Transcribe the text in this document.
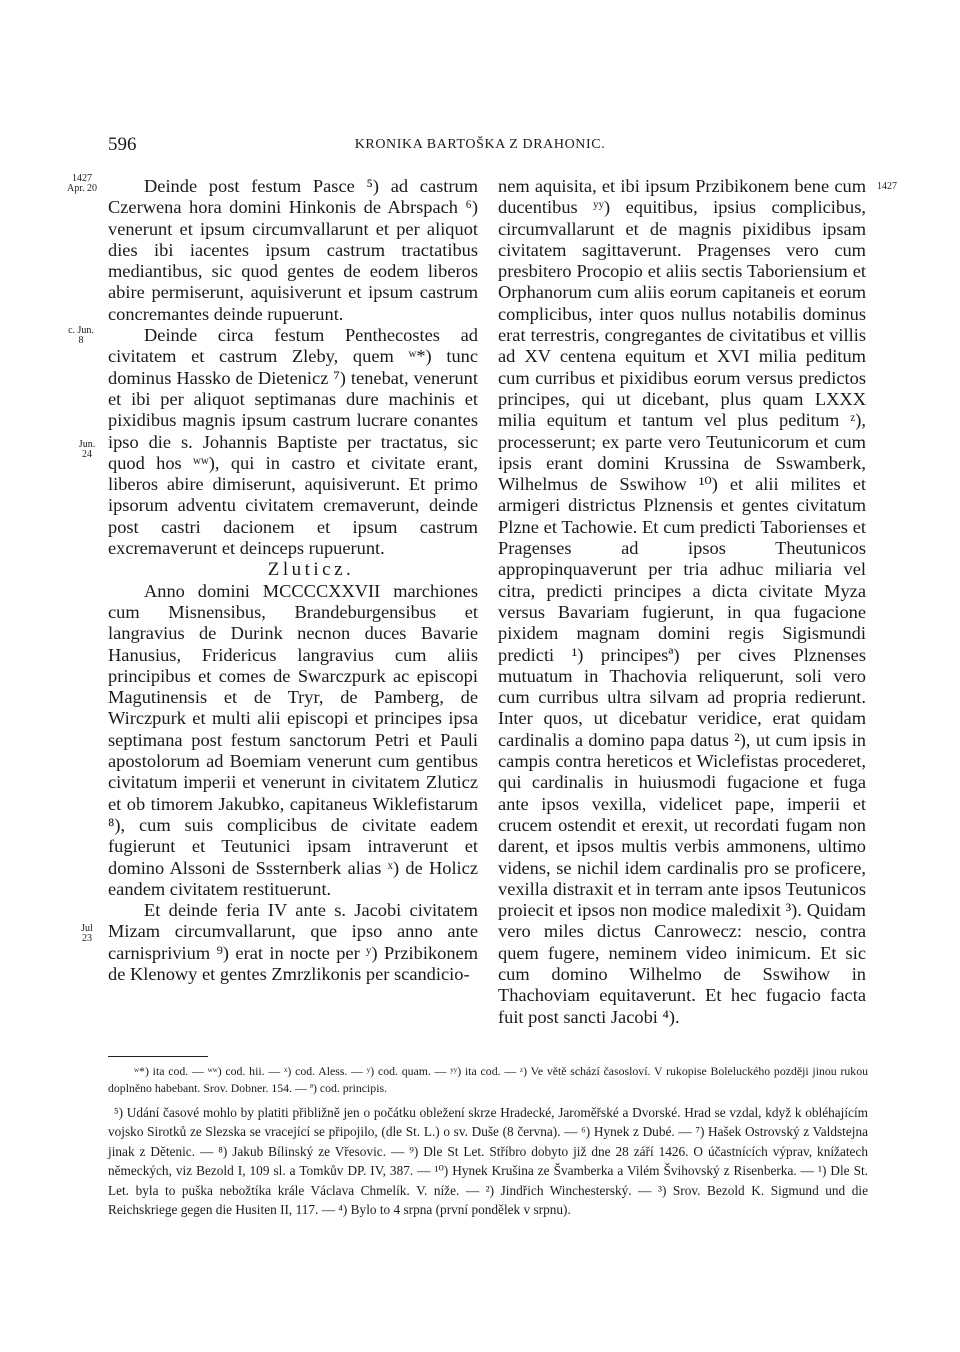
596	KRONIKA BARTOŠKA Z DRAHONIC.
1427
Apr. 20
c. Jun.
8
Jun.
24
Jul
23
1427

Deinde post festum Pasce ⁵) ad castrum Czerwena hora domini Hinkonis de Abrspach ⁶) venerunt et ipsum circumvallarunt et per aliquot dies ibi iacentes ipsum castrum tractatibus mediantibus, sic quod gentes de eodem liberos abire permiserunt, aquisiverunt et ipsum castrum concremantes deinde rupuerunt.

Deinde circa festum Penthecostes ad civitatem et castrum Zleby, quem ʷ*) tunc dominus Hassko de Dietenicz ⁷) tenebat, venerunt et ibi per aliquot septimanas dure machinis et pixidibus magnis ipsum castrum lucrare conantes ipso die s. Johannis Baptiste per tractatus, sic quod hos ʷʷ), qui in castro et civitate erant, liberos abire dimiserunt, aquisiverunt. Et primo ipsorum adventu civitatem cremaverunt, deinde post castri dacionem et ipsum castrum excremaverunt et deinceps rupuerunt.

Zluticz.

Anno domini MCCCCXXVII marchiones cum Misnensibus, Brandeburgensibus et langravius de Durink necnon duces Bavarie Hanusius, Fridericus langravius cum aliis principibus et comes de Swarczpurk ac episcopi Magutinensis et de Tryr, de Pamberg, de Wirczpurk et multi alii episcopi et principes ipsa septimana post festum sanctorum Petri et Pauli apostolorum ad Boemiam venerunt cum gentibus civitatum imperii et venerunt in civitatem Zluticz et ob timorem Jakubko, capitaneus Wiklefistarum ⁸), cum suis complicibus de civitate eadem fugierunt et Teutunici ipsam intraverunt et domino Alssoni de Sssternberk alias ˣ) de Holicz eandem civitatem restituerunt.

Et deinde feria IV ante s. Jacobi civitatem Mizam circumvallarunt, que ipso anno ante carnisprivium ⁹) erat in nocte per ʸ) Przibikonem de Klenowy et gentes Zmrzlikonis per scandicio-

nem aquisita, et ibi ipsum Przibikonem bene cum ducentibus ʸʸ) equitibus, ipsius complicibus, circumvallarunt et de magnis pixidibus ipsam civitatem sagittaverunt. Pragenses vero cum presbitero Procopio et aliis sectis Taboriensium et Orphanorum cum aliis eorum capitaneis et eorum complicibus, inter quos nullus notabilis dominus erat terrestris, congregantes de civitatibus et villis ad XV centena equitum et XVI milia peditum cum curribus et pixidibus eorum versus predictos principes, qui ut dicebant, plus quam LXXX milia equitum et tantum vel plus peditum ᶻ), processerunt; ex parte vero Teutunicorum et cum ipsis erant domini Krussina de Sswamberk, Wilhelmus de Sswihow ¹⁰) et alii milites et armigeri districtus Plznensis et gentes civitatum Plzne et Tachowie. Et cum predicti Taborienses et Pragenses ad ipsos Theutunicos appropinquaverunt per tria adhuc miliaria vel citra, predicti principes a dicta civitate Myza versus Bavariam fugierunt, in qua fugacione pixidem magnam domini regis Sigismundi predicti ¹) principesª) per cives Plznenses mutuatum in Thachovia reliquerunt, soli vero cum curribus ultra silvam ad propria redierunt. Inter quos, ut dicebatur veridice, erat quidam cardinalis a domino papa datus ²), ut cum ipsis in campis contra hereticos et Wiclefistas procederet, qui cardinalis in huiusmodi fugacione et fuga ante ipsos vexilla, videlicet pape, imperii et crucem ostendit et erexit, ut recordati fugam non darent, et ipsos multis verbis ammonens, ultimo videns, se nichil idem cardinalis pro se proficere, vexilla distraxit et in terram ante ipsos Teutunicos proiecit et ipsos non modice maledixit ³). Quidam vero miles dictus Canrowecz: nescio, contra quem fugere, neminem video inimicum. Et sic cum domino Wilhelmo de Sswihow in Thachoviam equitaverunt. Et hec fugacio facta fuit post sancti Jacobi ⁴).

ʷ*) ita cod. — ʷʷ) cod. hii. — ˣ) cod. Aless. — ʸ) cod. quam. — ʸʸ) ita cod. — ᶻ) Ve větě schází časosloví. V rukopise Boleluckého později jinou rukou doplněno habebant. Srov. Dobner. 154. — ª) cod. principis.

⁵) Udání časové mohlo by platiti přibližně jen o počátku obležení skrze Hradecké, Jaroměřské a Dvorské. Hrad se vzdal, když k obléhajícím vojsko Sirotků ze Slezska se vracející se připojilo, (dle St. L.) o sv. Duše (8 června). — ⁶) Hynek z Dubé. — ⁷) Hašek Ostrovský z Valdstejna jinak z Dětenic. — ⁸) Jakub Bílinský ze Vřesovic. — ⁹) Dle St Let. Stříbro dobyto již dne 28 září 1426. O účastnících výprav, knížatech německých, viz Bezold I, 109 sl. a Tomkův DP. IV, 387. — ¹⁰) Hynek Krušina ze Švamberka a Vilém Švihovský z Risenberka. — ¹) Dle St. Let. byla to puška nebožtíka krále Václava Chmelík. V. níže. — ²) Jindřich Winchesterský. — ³) Srov. Bezold K. Sigmund und die Reichskriege gegen die Husiten II, 117. — ⁴) Bylo to 4 srpna (první pondělek v srpnu).
